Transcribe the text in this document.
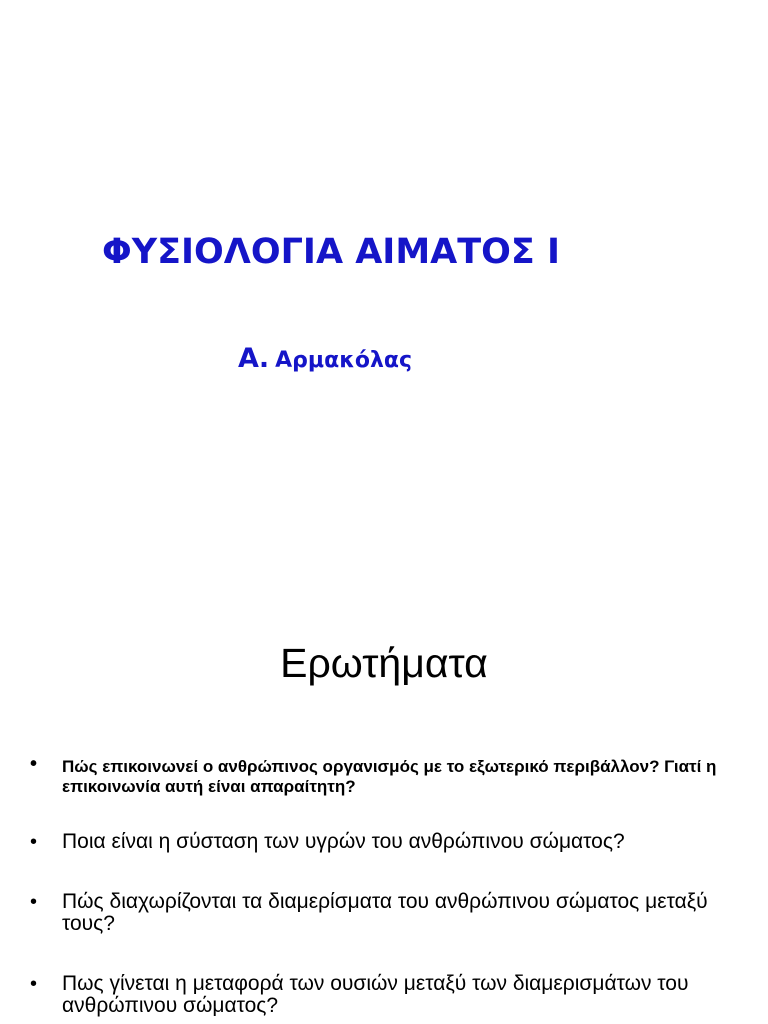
ΦΥΣΙΟΛΟΓΙΑ ΑΙΜΑΤΟΣ Ι
Α. Αρμακόλας
Ερωτήματα
• Πώς επικοινωνεί ο ανθρώπινος οργανισμός με το εξωτερικό περιβάλλον? Γιατί η επικοινωνία αυτή είναι απαραίτητη?
• Ποια είναι η σύσταση των υγρών του ανθρώπινου σώματος?
• Πώς διαχωρίζονται τα διαμερίσματα του ανθρώπινου σώματος μεταξύ τους?
• Πως γίνεται η μεταφορά των ουσιών μεταξύ των διαμερισμάτων του ανθρώπινου σώματος?
